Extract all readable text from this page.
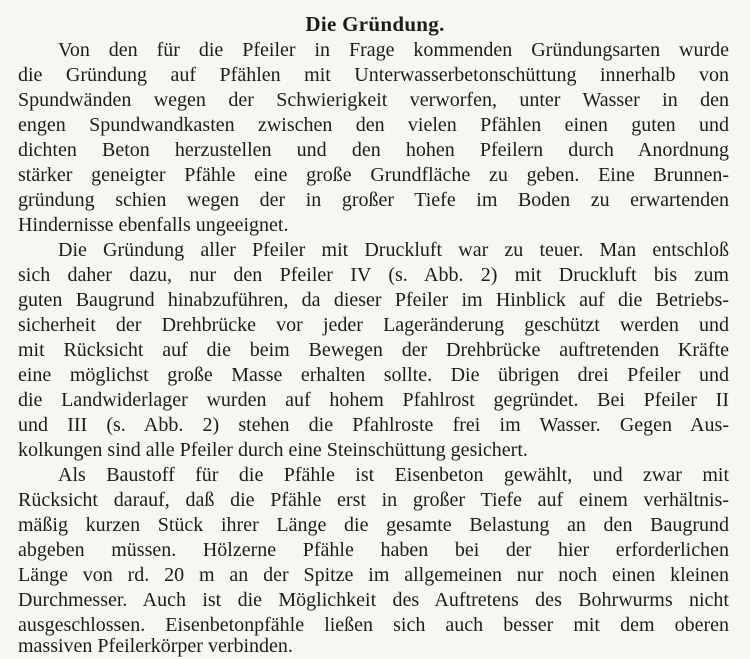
Die Gründung.
Von den für die Pfeiler in Frage kommenden Gründungsarten wurde
die Gründung auf Pfählen mit Unterwasserbetonschüttung innerhalb von
Spundwänden wegen der Schwierigkeit verworfen, unter Wasser in den
engen Spundwandkasten zwischen den vielen Pfählen einen guten und
dichten Beton herzustellen und den hohen Pfeilern durch Anordnung
stärker geneigter Pfähle eine große Grundfläche zu geben. Eine Brunnen-
gründung schien wegen der in großer Tiefe im Boden zu erwartenden
Hindernisse ebenfalls ungeeignet.
Die Gründung aller Pfeiler mit Druckluft war zu teuer. Man entschloß
sich daher dazu, nur den Pfeiler IV (s. Abb. 2) mit Druckluft bis zum
guten Baugrund hinabzuführen, da dieser Pfeiler im Hinblick auf die Betriebs-
sicherheit der Drehbrücke vor jeder Lageränderung geschützt werden und
mit Rücksicht auf die beim Bewegen der Drehbrücke auftretenden Kräfte
eine möglichst große Masse erhalten sollte. Die übrigen drei Pfeiler und
die Landwiderlager wurden auf hohem Pfahlrost gegründet. Bei Pfeiler II
und III (s. Abb. 2) stehen die Pfahlroste frei im Wasser. Gegen Aus-
kolkungen sind alle Pfeiler durch eine Steinschüttung gesichert.
Als Baustoff für die Pfähle ist Eisenbeton gewählt, und zwar mit
Rücksicht darauf, daß die Pfähle erst in großer Tiefe auf einem verhältnis-
mäßig kurzen Stück ihrer Länge die gesamte Belastung an den Baugrund
abgeben müssen. Hölzerne Pfähle haben bei der hier erforderlichen
Länge von rd. 20 m an der Spitze im allgemeinen nur noch einen kleinen
Durchmesser. Auch ist die Möglichkeit des Auftretens des Bohrwurms nicht
ausgeschlossen. Eisenbetonpfähle ließen sich auch besser mit dem oberen
massiven Pfeilerkörper verbinden.
